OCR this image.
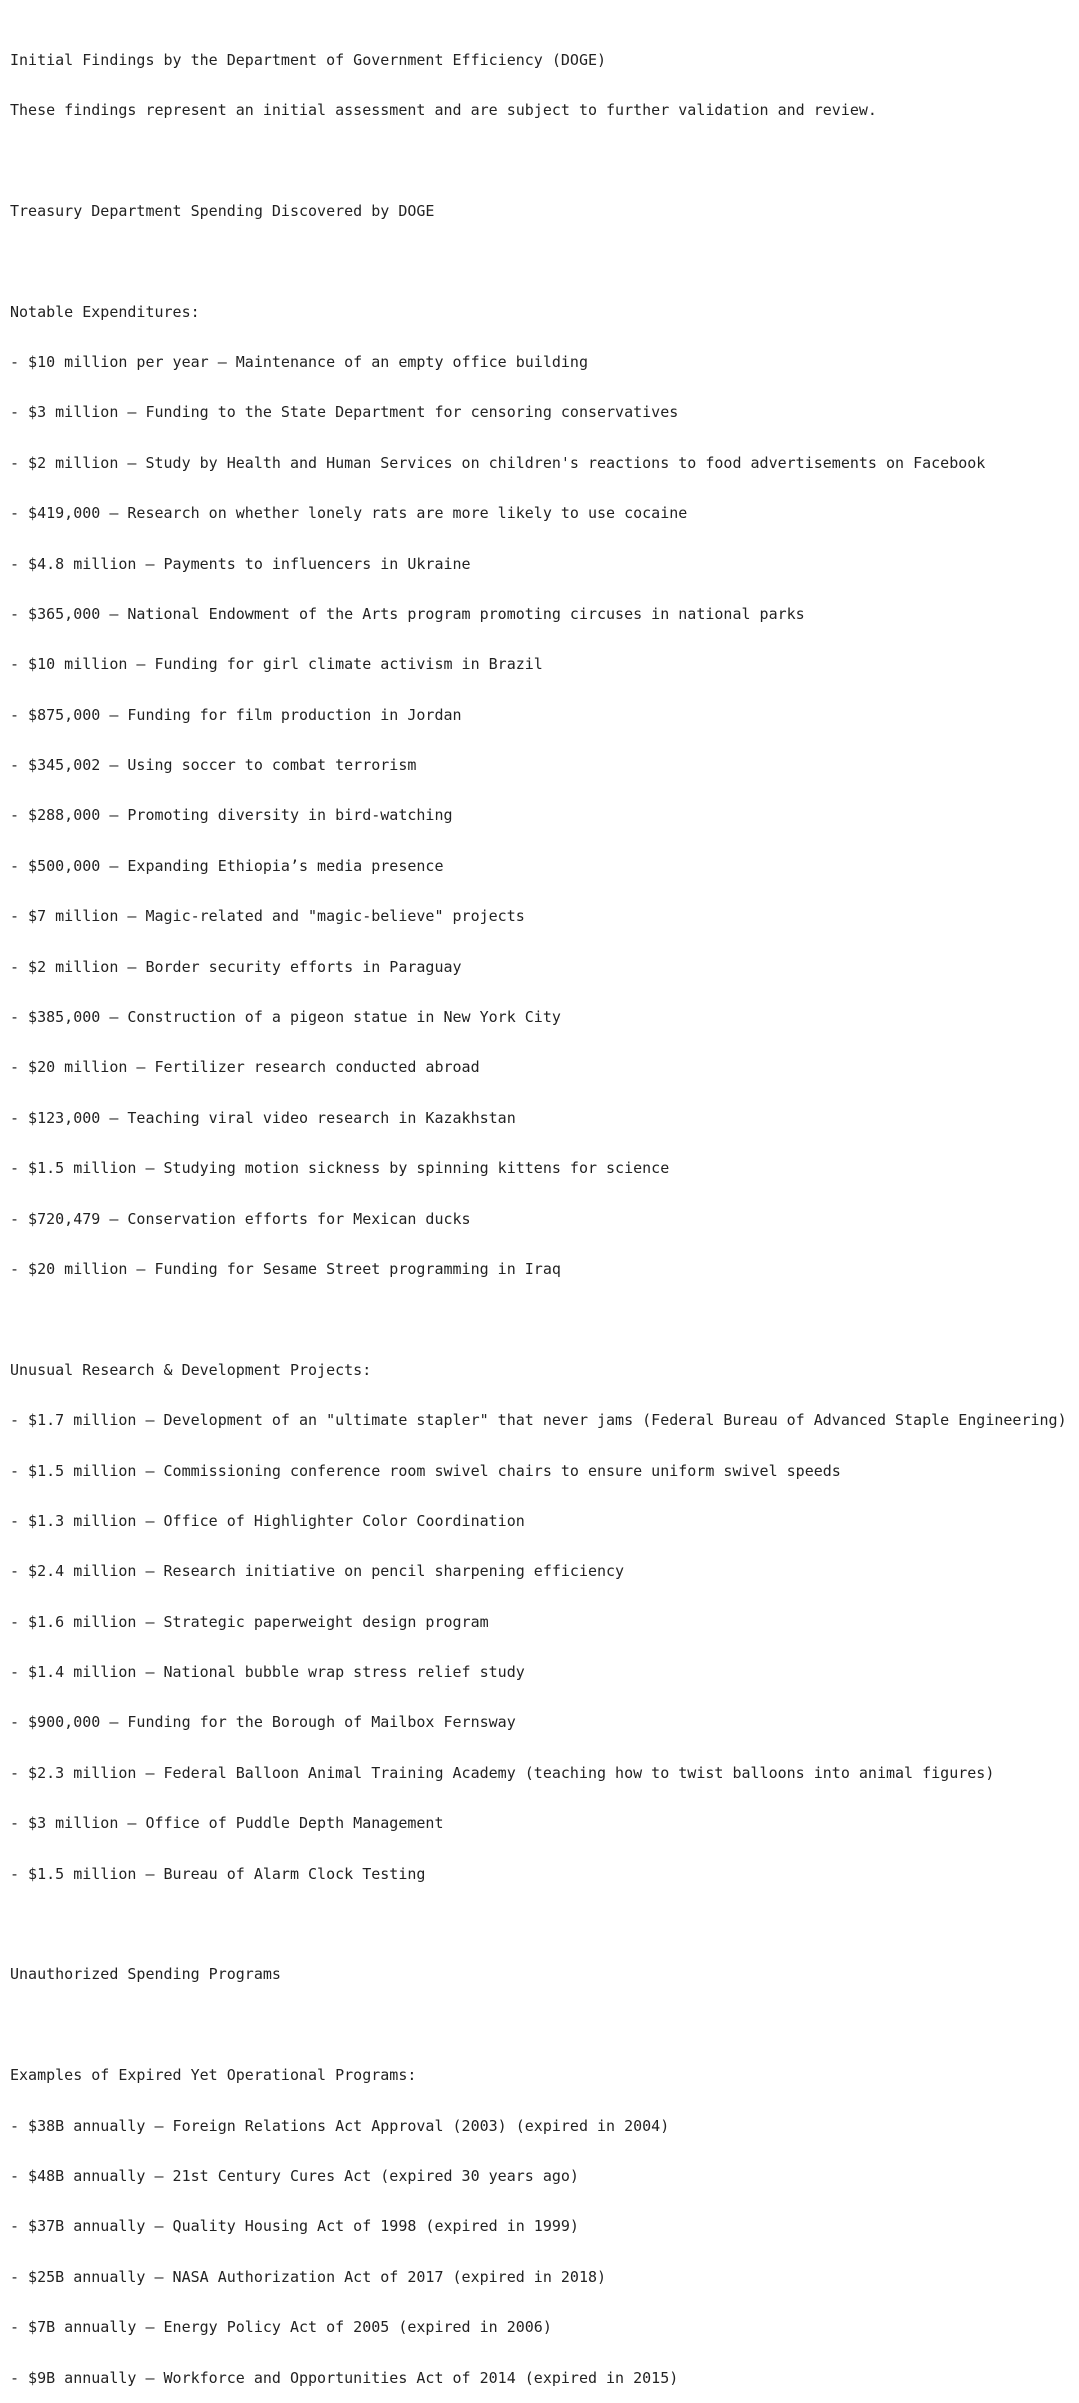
Initial Findings by the Department of Government Efficiency (DOGE)

These findings represent an initial assessment and are subject to further validation and review.

Treasury Department Spending Discovered by DOGE

Notable Expenditures:

- $10 million per year – Maintenance of an empty office building

- $3 million – Funding to the State Department for censoring conservatives

- $2 million – Study by Health and Human Services on children's reactions to food advertisements on Facebook

- $419,000 – Research on whether lonely rats are more likely to use cocaine

- $4.8 million – Payments to influencers in Ukraine

- $365,000 – National Endowment of the Arts program promoting circuses in national parks

- $10 million – Funding for girl climate activism in Brazil

- $875,000 – Funding for film production in Jordan

- $345,002 – Using soccer to combat terrorism

- $288,000 – Promoting diversity in bird-watching

- $500,000 – Expanding Ethiopia’s media presence

- $7 million – Magic-related and "magic-believe" projects

- $2 million – Border security efforts in Paraguay

- $385,000 – Construction of a pigeon statue in New York City

- $20 million – Fertilizer research conducted abroad

- $123,000 – Teaching viral video research in Kazakhstan

- $1.5 million – Studying motion sickness by spinning kittens for science

- $720,479 – Conservation efforts for Mexican ducks

- $20 million – Funding for Sesame Street programming in Iraq

Unusual Research & Development Projects:

- $1.7 million – Development of an "ultimate stapler" that never jams (Federal Bureau of Advanced Staple Engineering)

- $1.5 million – Commissioning conference room swivel chairs to ensure uniform swivel speeds

- $1.3 million – Office of Highlighter Color Coordination

- $2.4 million – Research initiative on pencil sharpening efficiency

- $1.6 million – Strategic paperweight design program

- $1.4 million – National bubble wrap stress relief study

- $900,000 – Funding for the Borough of Mailbox Fernsway

- $2.3 million – Federal Balloon Animal Training Academy (teaching how to twist balloons into animal figures)

- $3 million – Office of Puddle Depth Management

- $1.5 million – Bureau of Alarm Clock Testing

Unauthorized Spending Programs

Examples of Expired Yet Operational Programs:

- $38B annually – Foreign Relations Act Approval (2003) (expired in 2004)

- $48B annually – 21st Century Cures Act (expired 30 years ago)

- $37B annually – Quality Housing Act of 1998 (expired in 1999)

- $25B annually – NASA Authorization Act of 2017 (expired in 2018)

- $7B annually – Energy Policy Act of 2005 (expired in 2006)

- $9B annually – Workforce and Opportunities Act of 2014 (expired in 2015)
